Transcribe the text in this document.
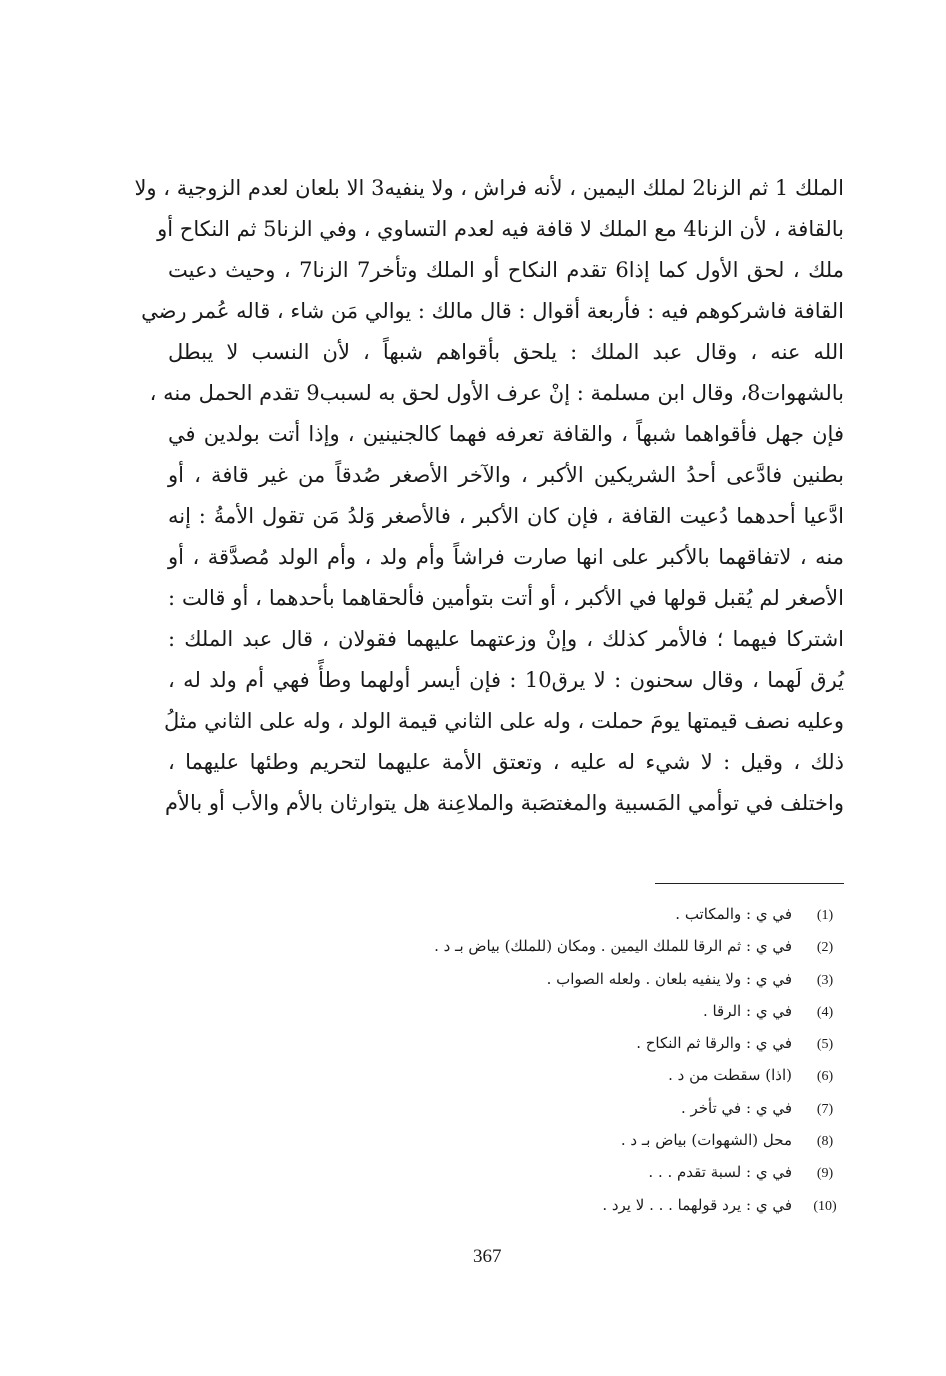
الملك 1 ثم الزنا2 لملك اليمين ، لأنه فراش ، ولا ينفيه3 الا بلعان لعدم الزوجية ، ولا
بالقافة ، لأن الزنا4 مع الملك لا قافة فيه لعدم التساوي ، وفي الزنا5 ثم النكاح أو
ملك ، لحق الأول كما إذا6 تقدم النكاح أو الملك وتأخر7 الزنا7 ، وحيث دعيت
القافة فاشركوهم فيه : فأربعة أقوال : قال مالك : يوالي مَن شاء ، قاله عُمر رضي
الله عنه ، وقال عبد الملك : يلحق بأقواهم شبهاً ، لأن النسب لا يبطل
بالشهوات8، وقال ابن مسلمة : إنْ عرف الأول لحق به لسبب9 تقدم الحمل منه ،
فإن جهل فأقواهما شبهاً ، والقافة تعرفه فهما كالجنينين ، وإذا أتت بولدين في
بطنين فادَّعى أحدُ الشريكين الأكبر ، والآخر الأصغر صُدقاً من غير قافة ، أو
ادَّعيا أحدهما دُعيت القافة ، فإن كان الأكبر ، فالأصغر وَلدُ مَن تقول الأمةُ : إنه
منه ، لاتفاقهما بالأكبر على انها صارت فراشاً وأم ولد ، وأم الولد مُصدَّقة ، أو
الأصغر لم يُقبل قولها في الأكبر ، أو أتت بتوأمين فألحقاهما بأحدهما ، أو قالت :
اشتركا فيهما ؛ فالأمر كذلك ، وإنْ وزعتهما عليهما فقولان ، قال عبد الملك :
يُرق لَهما ، وقال سحنون : لا يرق10 : فإن أيسر أولهما وطأً فهي أم ولد له ،
وعليه نصف قيمتها يومَ حملت ، وله على الثاني قيمة الولد ، وله على الثاني مثلُ
ذلك ، وقيل : لا شيء له عليه ، وتعتق الأمة عليهما لتحريم وطئها عليهما ،
واختلف في توأمي المَسبية والمغتصَبة والملاعِنة هل يتوارثان بالأم والأب أو بالأم
(1)في ي : والمكاتب .
(2)في ي : ثم الرقا للملك اليمين . ومكان (للملك) بياض بـ د .
(3)في ي : ولا ينفيه بلعان . ولعله الصواب .
(4)في ي : الرقا .
(5)في ي : والرقا ثم النكاح .
(6)(اذا) سقطت من د .
(7)في ي : في تأخر .
(8)محل (الشهوات) بياض بـ د .
(9)في ي : لسبة تقدم . . .
(10)في ي : يرد قولهما . . . لا يرد .
367
